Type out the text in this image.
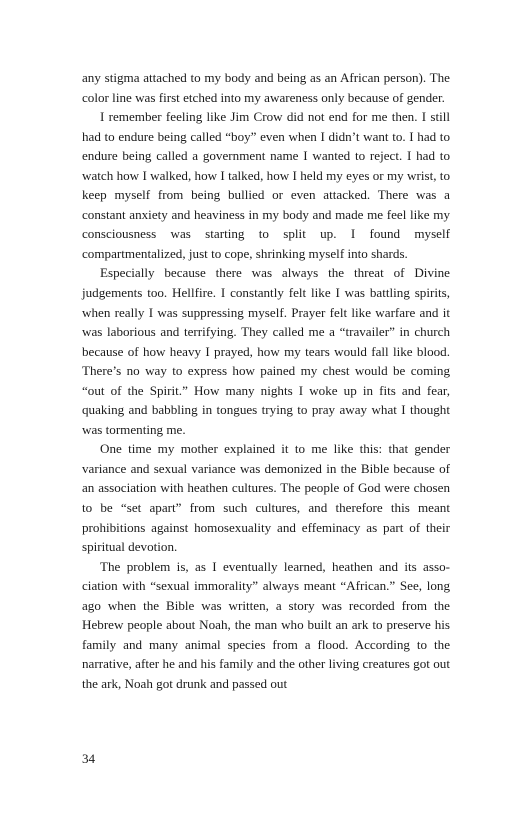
any stigma attached to my body and being as an African person). The color line was first etched into my awareness only because of gender.

I remember feeling like Jim Crow did not end for me then. I still had to endure being called “boy” even when I didn’t want to. I had to endure being called a government name I wanted to reject. I had to watch how I walked, how I talked, how I held my eyes or my wrist, to keep myself from being bullied or even attacked. There was a constant anxiety and heaviness in my body and made me feel like my consciousness was starting to split up. I found myself compartmentalized, just to cope, shrinking myself into shards.

Especially because there was always the threat of Divine judgements too. Hellfire. I constantly felt like I was battling spirits, when really I was suppressing myself. Prayer felt like warfare and it was laborious and terrifying. They called me a “travailer” in church because of how heavy I prayed, how my tears would fall like blood. There’s no way to express how pained my chest would be coming “out of the Spirit.” How many nights I woke up in fits and fear, quaking and babbling in tongues trying to pray away what I thought was tormenting me.

One time my mother explained it to me like this: that gender variance and sexual variance was demonized in the Bible because of an association with heathen cultures. The people of God were chosen to be “set apart” from such cultures, and therefore this meant prohibitions against homosexuality and effeminacy as part of their spiritual devotion.

The problem is, as I eventually learned, heathen and its association with “sexual immorality” always meant “African.” See, long ago when the Bible was written, a story was recorded from the Hebrew people about Noah, the man who built an ark to preserve his family and many animal species from a flood. According to the narrative, after he and his family and the other living creatures got out the ark, Noah got drunk and passed out

34
